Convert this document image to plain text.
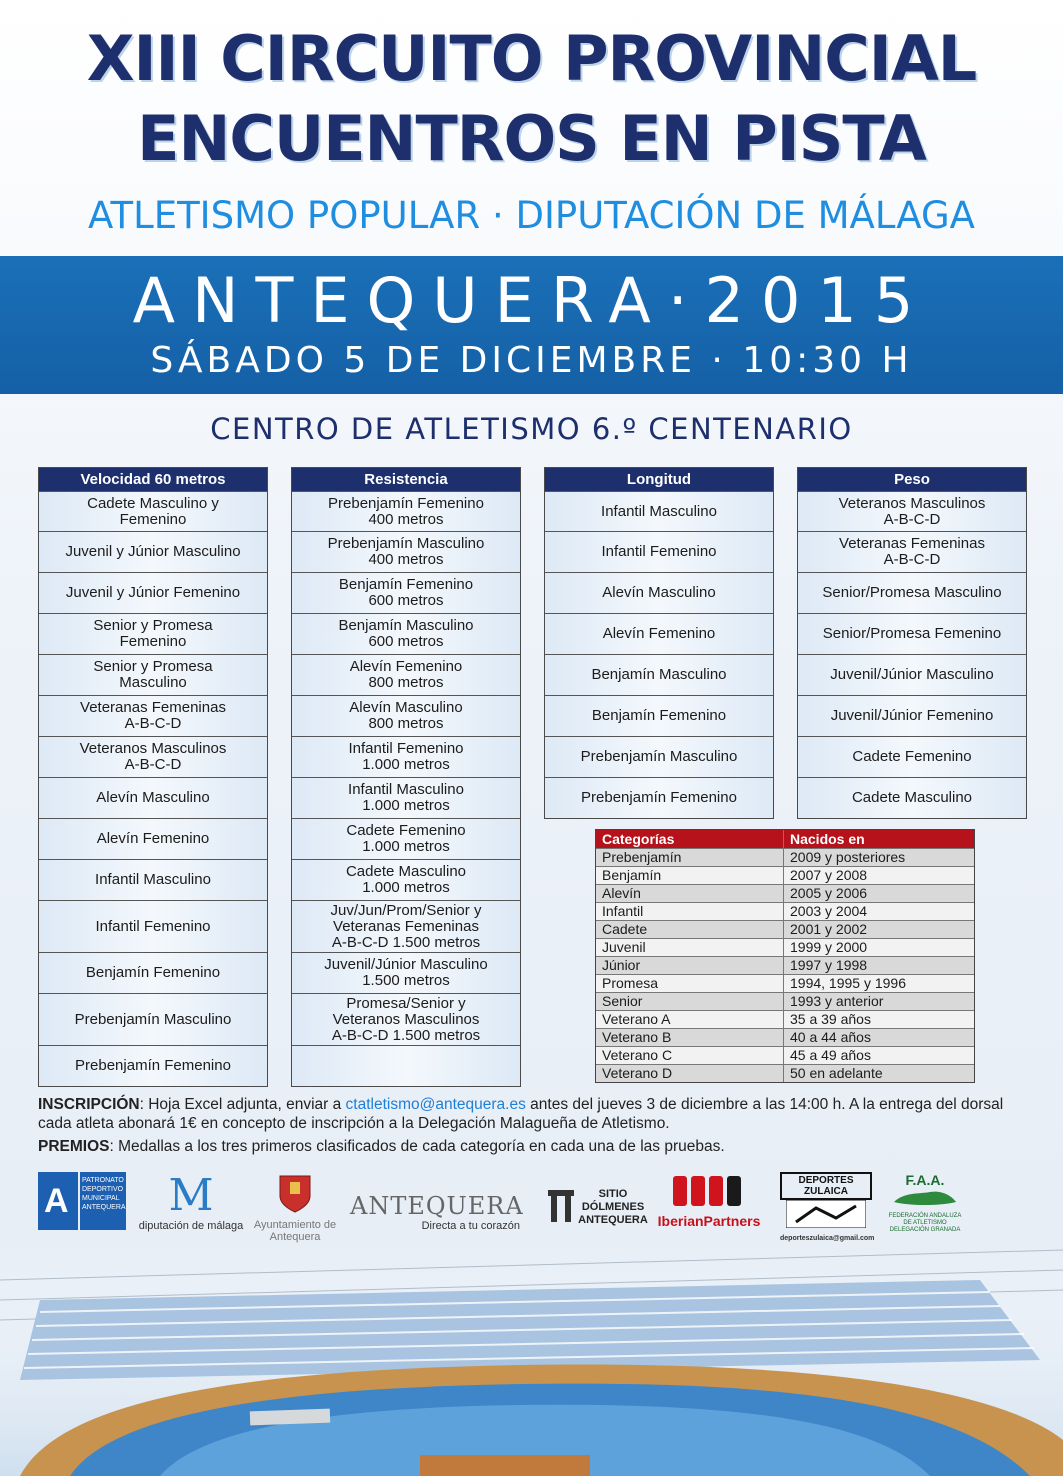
XIII CIRCUITO PROVINCIAL
ENCUENTROS EN PISTA
ATLETISMO POPULAR · DIPUTACIÓN DE MÁLAGA
ANTEQUERA·2015
SÁBADO 5 DE DICIEMBRE · 10:30 H
CENTRO DE ATLETISMO 6.º CENTENARIO
Velocidad 60 metros
Cadete Masculino y
Femenino
Juvenil y Júnior Masculino
Juvenil y Júnior Femenino
Senior y Promesa
Femenino
Senior y Promesa
Masculino
Veteranas Femeninas
A-B-C-D
Veteranos Masculinos
A-B-C-D
Alevín Masculino
Alevín Femenino
Infantil Masculino
Infantil Femenino
Benjamín Femenino
Prebenjamín Masculino
Prebenjamín Femenino
Resistencia
Prebenjamín Femenino
400 metros
Prebenjamín Masculino
400 metros
Benjamín Femenino
600 metros
Benjamín Masculino
600 metros
Alevín Femenino
800 metros
Alevín Masculino
800 metros
Infantil Femenino
1.000 metros
Infantil Masculino
1.000 metros
Cadete Femenino
1.000 metros
Cadete Masculino
1.000 metros
Juv/Jun/Prom/Senior y
Veteranas Femeninas
A-B-C-D 1.500 metros
Juvenil/Júnior Masculino
1.500 metros
Promesa/Senior y
Veteranos Masculinos
A-B-C-D 1.500 metros
Longitud
Infantil Masculino
Infantil Femenino
Alevín Masculino
Alevín Femenino
Benjamín Masculino
Benjamín Femenino
Prebenjamín Masculino
Prebenjamín Femenino
Peso
Veteranos Masculinos
A-B-C-D
Veteranas Femeninas
A-B-C-D
Senior/Promesa Masculino
Senior/Promesa Femenino
Juvenil/Júnior Masculino
Juvenil/Júnior Femenino
Cadete Femenino
Cadete Masculino
Categorías	Nacidos en
Prebenjamín	2009 y posteriores
Benjamín	2007 y 2008
Alevín	2005 y 2006
Infantil	2003 y 2004
Cadete	2001 y 2002
Juvenil	1999 y 2000
Júnior	1997 y 1998
Promesa	1994, 1995 y 1996
Senior	1993 y anterior
Veterano A	35 a 39 años
Veterano B	40 a 44 años
Veterano C	45 a 49 años
Veterano D	50 en adelante
INSCRIPCIÓN: Hoja Excel adjunta, enviar a ctatletismo@antequera.es antes del jueves 3 de diciembre a las 14:00 h. A la entrega del dorsal cada atleta abonará 1€ en concepto de inscripción a la Delegación Malagueña de Atletismo.
PREMIOS: Medallas a los tres primeros clasificados de cada categoría en cada una de las pruebas.
A
PATRONATO DEPORTIVO MUNICIPAL ANTEQUERA M
diputación de málaga Ayuntamiento de Antequera
ANTEQUERA
Directa a tu corazón
SITIO DÓLMENES ANTEQUERA IberianPartners
DEPORTES ZULAICA
deporteszulaica@gmail.com
F.A.A.
FEDERACIÓN ANDALUZA DE ATLETISMO DELEGACIÓN GRANADA
